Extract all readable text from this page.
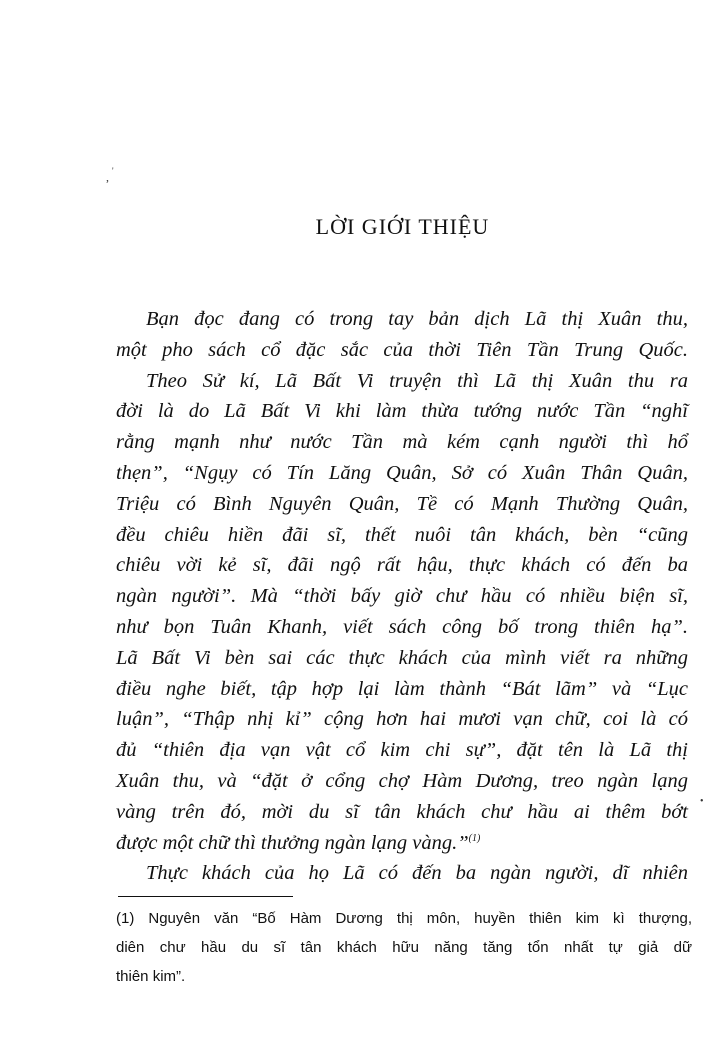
, '
•
LỜI GIỚI THIỆU
Bạn đọc đang có trong tay bản dịch Lã thị Xuân thu,
một pho sách cổ đặc sắc của thời Tiên Tần Trung Quốc.
Theo Sử kí, Lã Bất Vi truyện thì Lã thị Xuân thu ra
đời là do Lã Bất Vi khi làm thừa tướng nước Tần “nghĩ
rằng mạnh như nước Tần mà kém cạnh người thì hổ
thẹn”, “Ngụy có Tín Lăng Quân, Sở có Xuân Thân Quân,
Triệu có Bình Nguyên Quân, Tề có Mạnh Thường Quân,
đều chiêu hiền đãi sĩ, thết nuôi tân khách, bèn “cũng
chiêu vời kẻ sĩ, đãi ngộ rất hậu, thực khách có đến ba
ngàn người”. Mà “thời bấy giờ chư hầu có nhiều biện sĩ,
như bọn Tuân Khanh, viết sách công bố trong thiên hạ”.
Lã Bất Vi bèn sai các thực khách của mình viết ra những
điều nghe biết, tập hợp lại làm thành “Bát lãm” và “Lục
luận”, “Thập nhị kỉ” cộng hơn hai mươi vạn chữ, coi là có
đủ “thiên địa vạn vật cổ kim chi sự”, đặt tên là Lã thị
Xuân thu, và “đặt ở cổng chợ Hàm Dương, treo ngàn lạng
vàng trên đó, mời du sĩ tân khách chư hầu ai thêm bớt
được một chữ thì thưởng ngàn lạng vàng.”$^{(1)}$
Thực khách của họ Lã có đến ba ngàn người, dĩ nhiên
(1) Nguyên văn “Bố Hàm Dương thị môn, huyền thiên kim kì thượng,
diên chư hầu du sĩ tân khách hữu năng tăng tổn nhất tự giả dữ
thiên kim”.
